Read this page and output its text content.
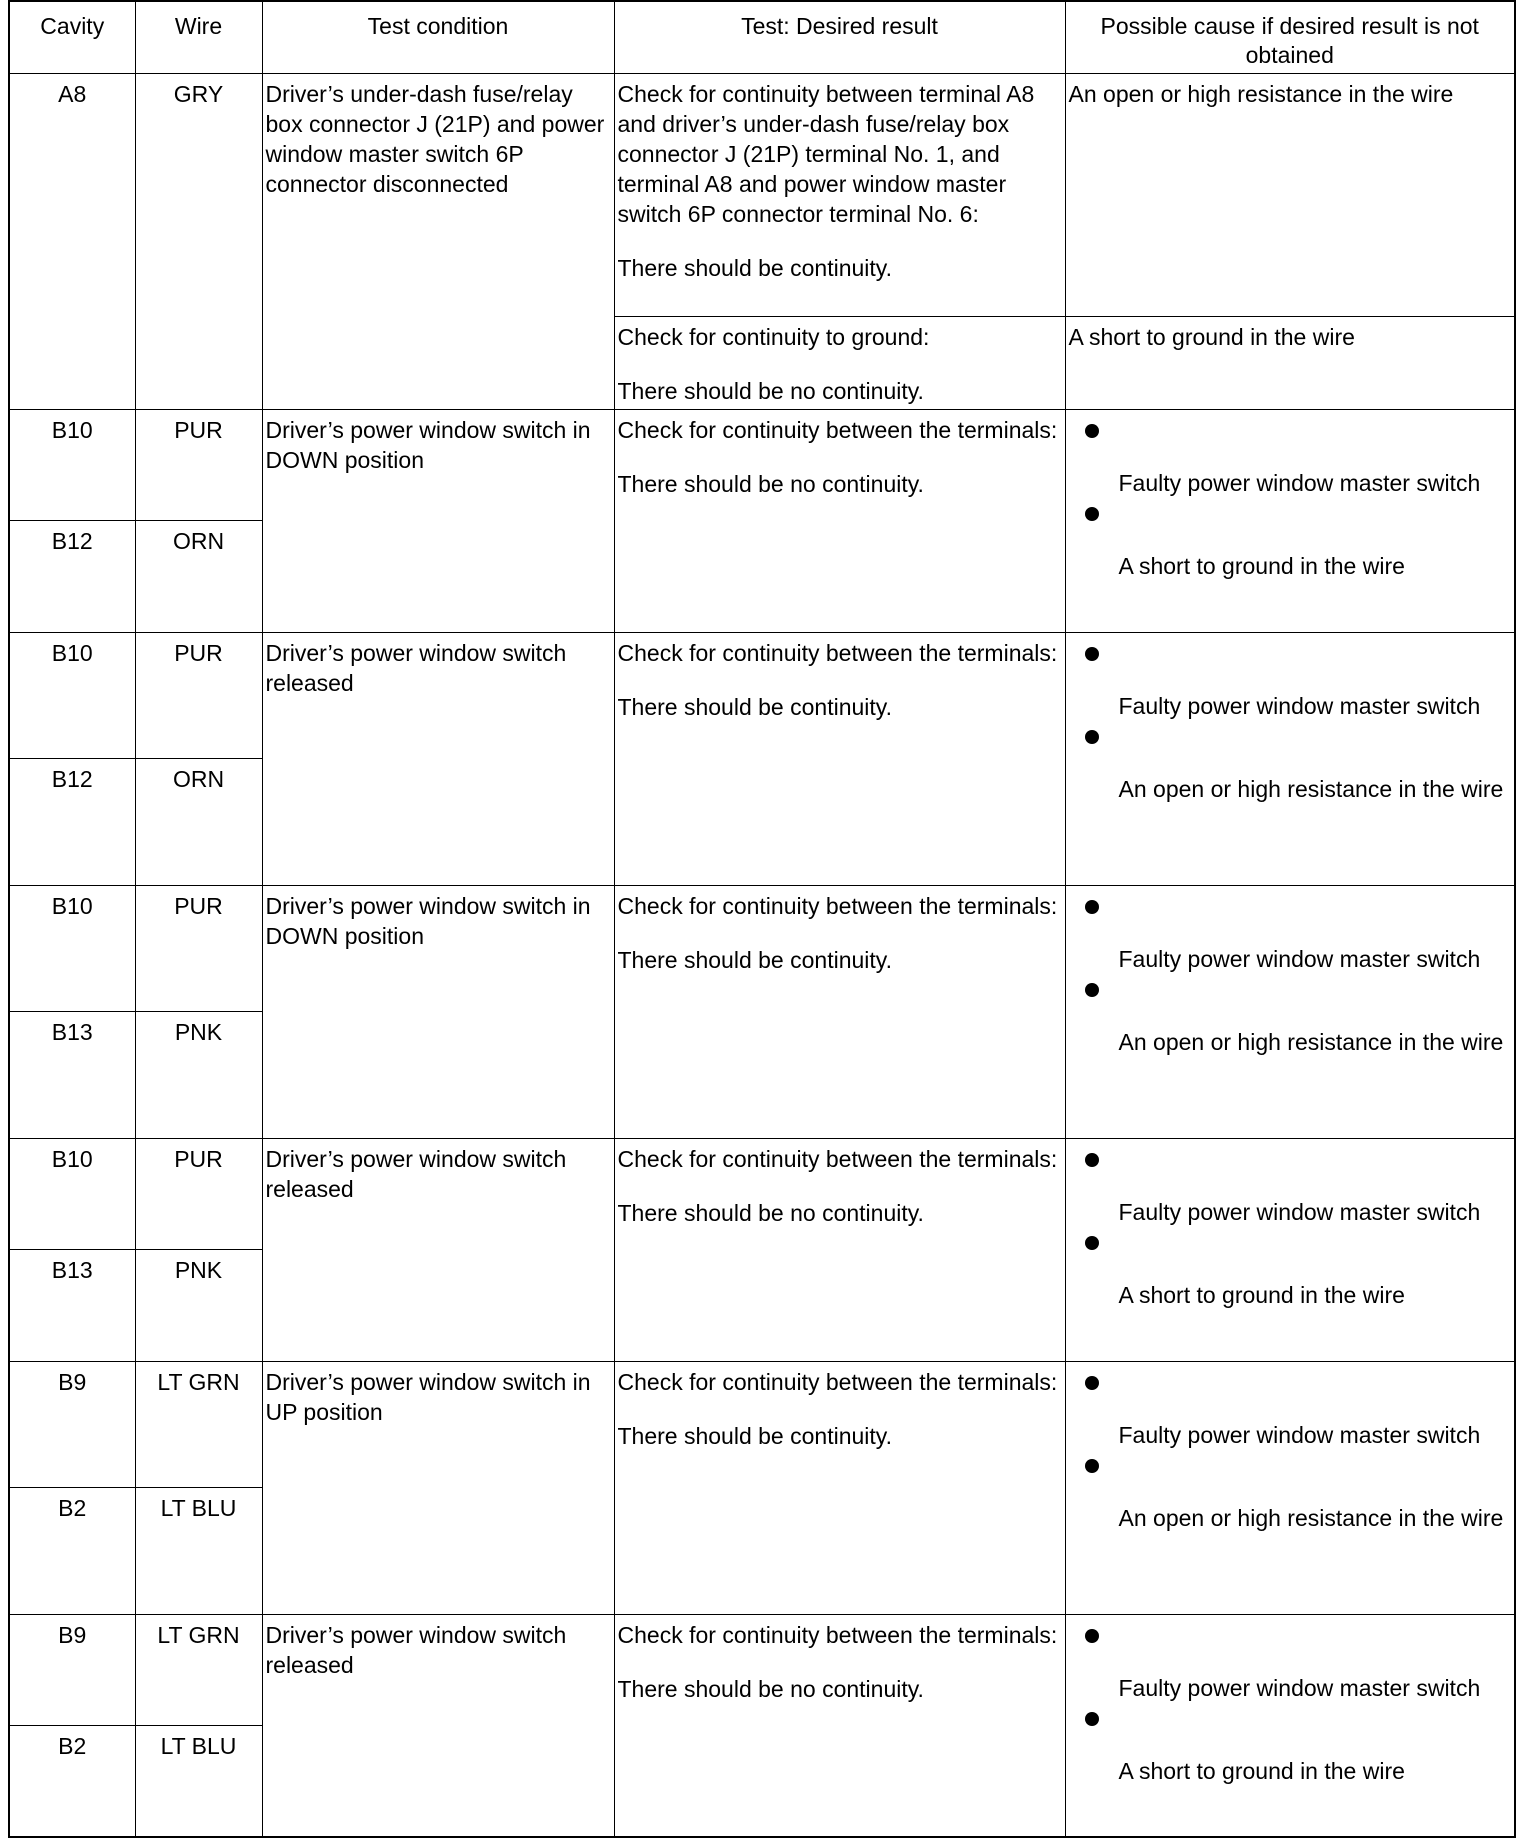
Cavity	Wire	Test condition	Test: Desired result	Possible cause if desired result is not obtained
A8	GRY	Driver’s under-dash fuse/relay box connector J (21P) and power window master switch 6P connector disconnected	Check for continuity between terminal A8 and driver’s under-dash fuse/relay box connector J (21P) terminal No. 1, and terminal A8 and power window master switch 6P connector terminal No. 6:
There should be continuity.	An open or high resistance in the wire
			Check for continuity to ground:
There should be no continuity.	A short to ground in the wire
B10	PUR	Driver’s power window switch in DOWN position	Check for continuity between the terminals:
There should be no continuity.	Faulty power window master switch
A short to ground in the wire

B12	ORN			
B10	PUR	Driver’s power window switch released	Check for continuity between the terminals:
There should be continuity.	Faulty power window master switch
An open or high resistance in the wire

B12	ORN			
B10	PUR	Driver’s power window switch in DOWN position	Check for continuity between the terminals:
There should be continuity.	Faulty power window master switch
An open or high resistance in the wire

B13	PNK			
B10	PUR	Driver’s power window switch released	Check for continuity between the terminals:
There should be no continuity.	Faulty power window master switch
A short to ground in the wire

B13	PNK			
B9	LT GRN	Driver’s power window switch in UP position	Check for continuity between the terminals:
There should be continuity.	Faulty power window master switch
An open or high resistance in the wire

B2	LT BLU			
B9	LT GRN	Driver’s power window switch released	Check for continuity between the terminals:
There should be no continuity.	Faulty power window master switch
A short to ground in the wire

B2	LT BLU			
